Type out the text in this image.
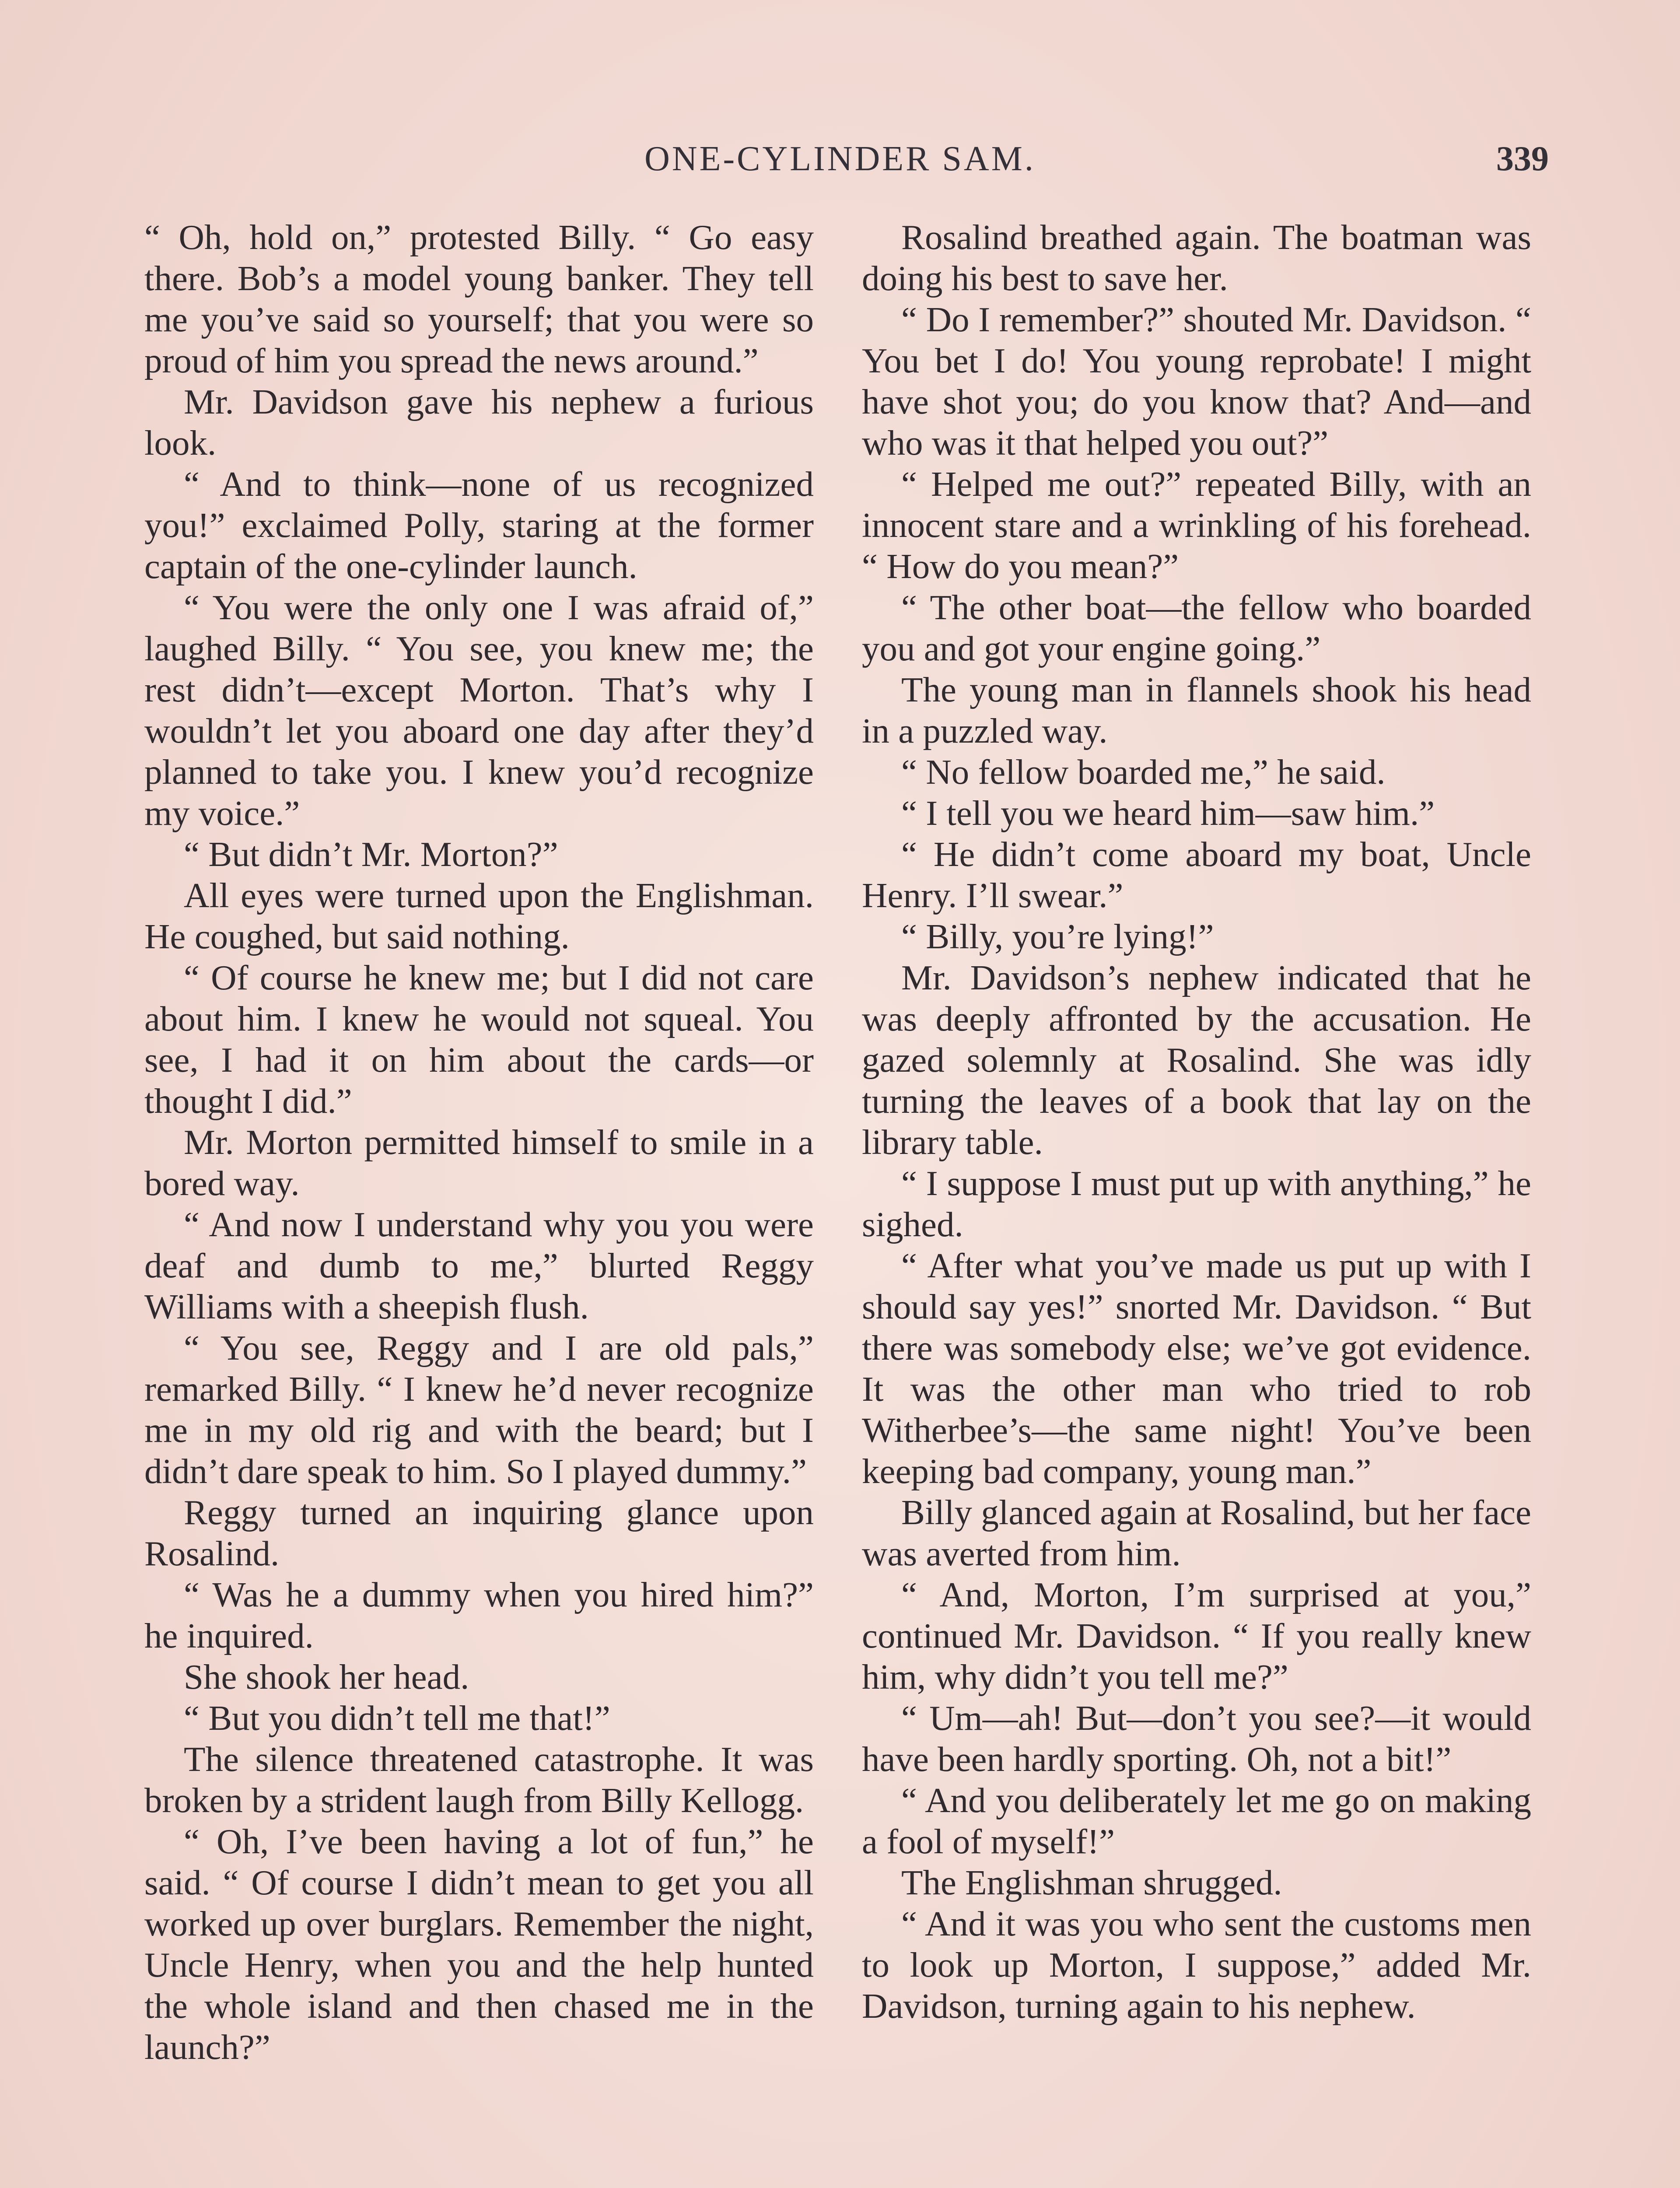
ONE-CYLINDER SAM.	339

“ Oh, hold on,” protested Billy. “ Go easy there. Bob’s a model young banker. They tell me you’ve said so yourself; that you were so proud of him you spread the news around.”

Mr. Davidson gave his nephew a furious look.

“ And to think—none of us recognized you!” exclaimed Polly, staring at the former captain of the one-cylinder launch.

“ You were the only one I was afraid of,” laughed Billy. “ You see, you knew me; the rest didn’t—except Morton. That’s why I wouldn’t let you aboard one day after they’d planned to take you. I knew you’d recognize my voice.”

“ But didn’t Mr. Morton?”

All eyes were turned upon the Englishman. He coughed, but said nothing.

“ Of course he knew me; but I did not care about him. I knew he would not squeal. You see, I had it on him about the cards—or thought I did.”

Mr. Morton permitted himself to smile in a bored way.

“ And now I understand why you you were deaf and dumb to me,” blurted Reggy Williams with a sheepish flush.

“ You see, Reggy and I are old pals,” remarked Billy. “ I knew he’d never recognize me in my old rig and with the beard; but I didn’t dare speak to him. So I played dummy.”

Reggy turned an inquiring glance upon Rosalind.

“ Was he a dummy when you hired him?” he inquired.

She shook her head.

“ But you didn’t tell me that!”

The silence threatened catastrophe. It was broken by a strident laugh from Billy Kellogg.

“ Oh, I’ve been having a lot of fun,” he said. “ Of course I didn’t mean to get you all worked up over burglars. Remember the night, Uncle Henry, when you and the help hunted the whole island and then chased me in the launch?”

Rosalind breathed again. The boatman was doing his best to save her.

“ Do I remember?” shouted Mr. Davidson. “ You bet I do! You young reprobate! I might have shot you; do you know that? And—and who was it that helped you out?”

“ Helped me out?” repeated Billy, with an innocent stare and a wrinkling of his forehead. “ How do you mean?”

“ The other boat—the fellow who boarded you and got your engine going.”

The young man in flannels shook his head in a puzzled way.

“ No fellow boarded me,” he said.

“ I tell you we heard him—saw him.”

“ He didn’t come aboard my boat, Uncle Henry. I’ll swear.”

“ Billy, you’re lying!”

Mr. Davidson’s nephew indicated that he was deeply affronted by the accusation. He gazed solemnly at Rosalind. She was idly turning the leaves of a book that lay on the library table.

“ I suppose I must put up with anything,” he sighed.

“ After what you’ve made us put up with I should say yes!” snorted Mr. Davidson. “ But there was somebody else; we’ve got evidence. It was the other man who tried to rob Witherbee’s—the same night! You’ve been keeping bad company, young man.”

Billy glanced again at Rosalind, but her face was averted from him.

“ And, Morton, I’m surprised at you,” continued Mr. Davidson. “ If you really knew him, why didn’t you tell me?”

“ Um—ah! But—don’t you see?—it would have been hardly sporting. Oh, not a bit!”

“ And you deliberately let me go on making a fool of myself!”

The Englishman shrugged.

“ And it was you who sent the customs men to look up Morton, I suppose,” added Mr. Davidson, turning again to his nephew.
